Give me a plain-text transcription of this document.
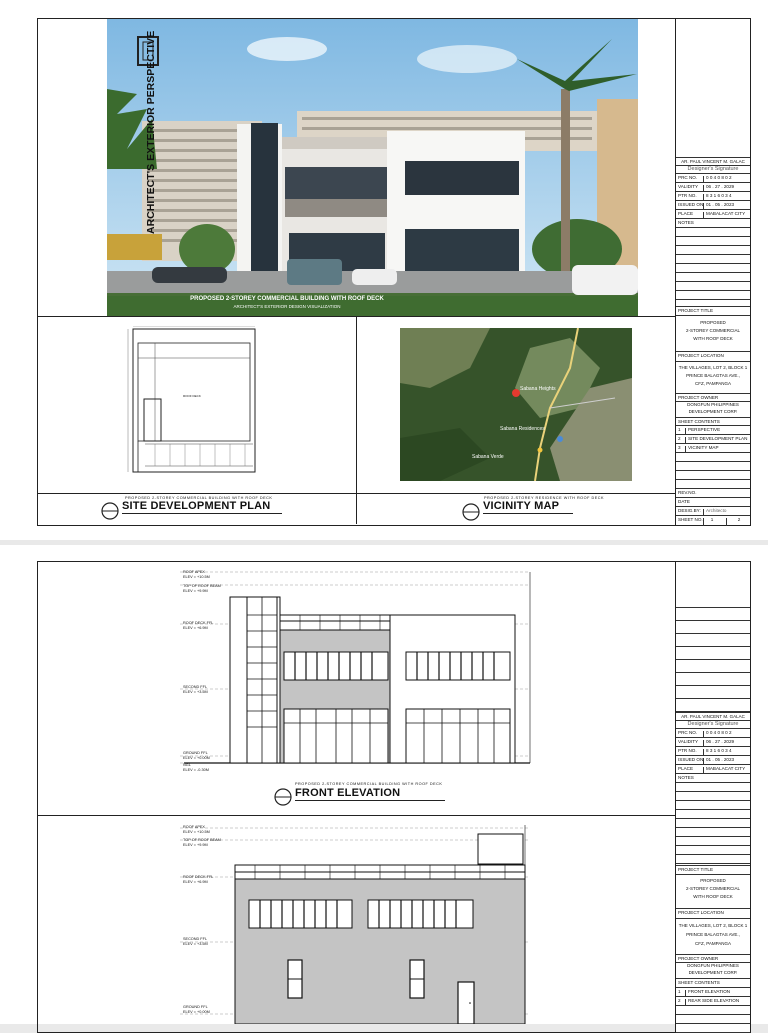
PROPOSED 2-STOREY COMMERCIAL BUILDING WITH ROOF DECK
ARCHITECT'S EXTERIOR DESIGN VISUALIZATION
ARCHITECT'S EXTERIOR PERSPECTIVE
ROOF DECK
PROPOSED 2-STOREY COMMERCIAL BUILDING WITH ROOF DECK
SITE DEVELOPMENT PLAN
Sabana Heights
Sabana Residences
Sabana Verde
PROPOSED 2-STOREY RESIDENCE WITH ROOF DECK
VICINITY MAP
AR. PAUL VINCENT M. GALAC
Designer's Signature
PRC NO.	0 0 4 0 8 0 2
VALIDITY	06 . 27 . 2029
PTR NO.	8 3 1 6 0 3 4
ISSUED ON 01 . 05 . 2023
PLACE	MABALACAT CITY
NOTES
PROJECT TITLE
PROPOSED
2-STOREY COMMERCIAL
WITH ROOF DECK
PROJECT LOCATION
THE VILLAGES, LOT 2, BLOCK 1
PRINCE BALAGTAS AVE.,
CFZ, PAMPANGA
PROJECT OWNER
DONGFUN PHILIPPINES
DEVELOPMENT CORP.
SHEET CONTENTS
1	PERSPECTIVE
2	SITE DEVELOPMENT PLAN
3	VICINITY MAP
REV.NO.
DATE
DESIG.BY:	Architecto
SHEET NO.	1	2
ROOF APEX
ELEV = +10.5M
TOP OF ROOF BEAM
ELEV = +9.9M
ROOF DECK FFL
ELEV = +6.9M
SECOND FFL
ELEV = +3.5M
GROUND FFL
ELEV = +0.00M
NGL
ELEV = -0.30M
PROPOSED 2-STOREY COMMERCIAL BUILDING WITH ROOF DECK
FRONT ELEVATION
ROOF APEX
ELEV = +10.5M
TOP OF ROOF BEAM
ELEV = +9.9M
ROOF DECK FFL
ELEV = +6.9M
SECOND FFL
ELEV = +3.5M
GROUND FFL
ELEV = +0.00M
AR. PAUL VINCENT M. GALAC
Designer's Signature
PRC NO.	0 0 4 0 8 0 2
VALIDITY	06 . 27 . 2029
PTR NO.	8 3 1 6 0 3 4
ISSUED ON 01 . 05 . 2023
PLACE	MABALACAT CITY
NOTES
PROJECT TITLE
PROPOSED
2-STOREY COMMERCIAL
WITH ROOF DECK
PROJECT LOCATION
THE VILLAGES, LOT 2, BLOCK 1
PRINCE BALAGTAS AVE.,
CFZ, PAMPANGA
PROJECT OWNER
DONGFUN PHILIPPINES
DEVELOPMENT CORP.
SHEET CONTENTS
1	FRONT ELEVATION
2	REAR SIDE ELEVATION
